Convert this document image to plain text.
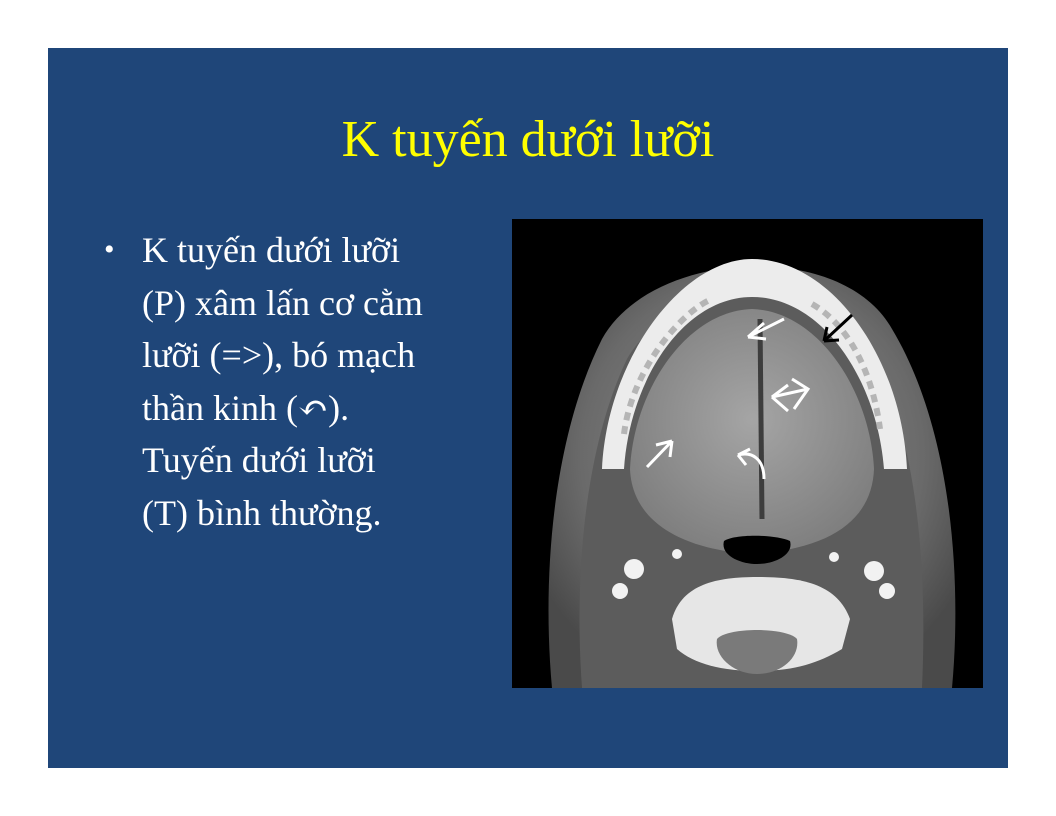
K tuyến dưới lưỡi
• K tuyến dưới lưỡi
(P) xâm lấn cơ cằm
lưỡi (=>), bó mạch
thần kinh (↶).
Tuyến dưới lưỡi
(T) bình thường.
